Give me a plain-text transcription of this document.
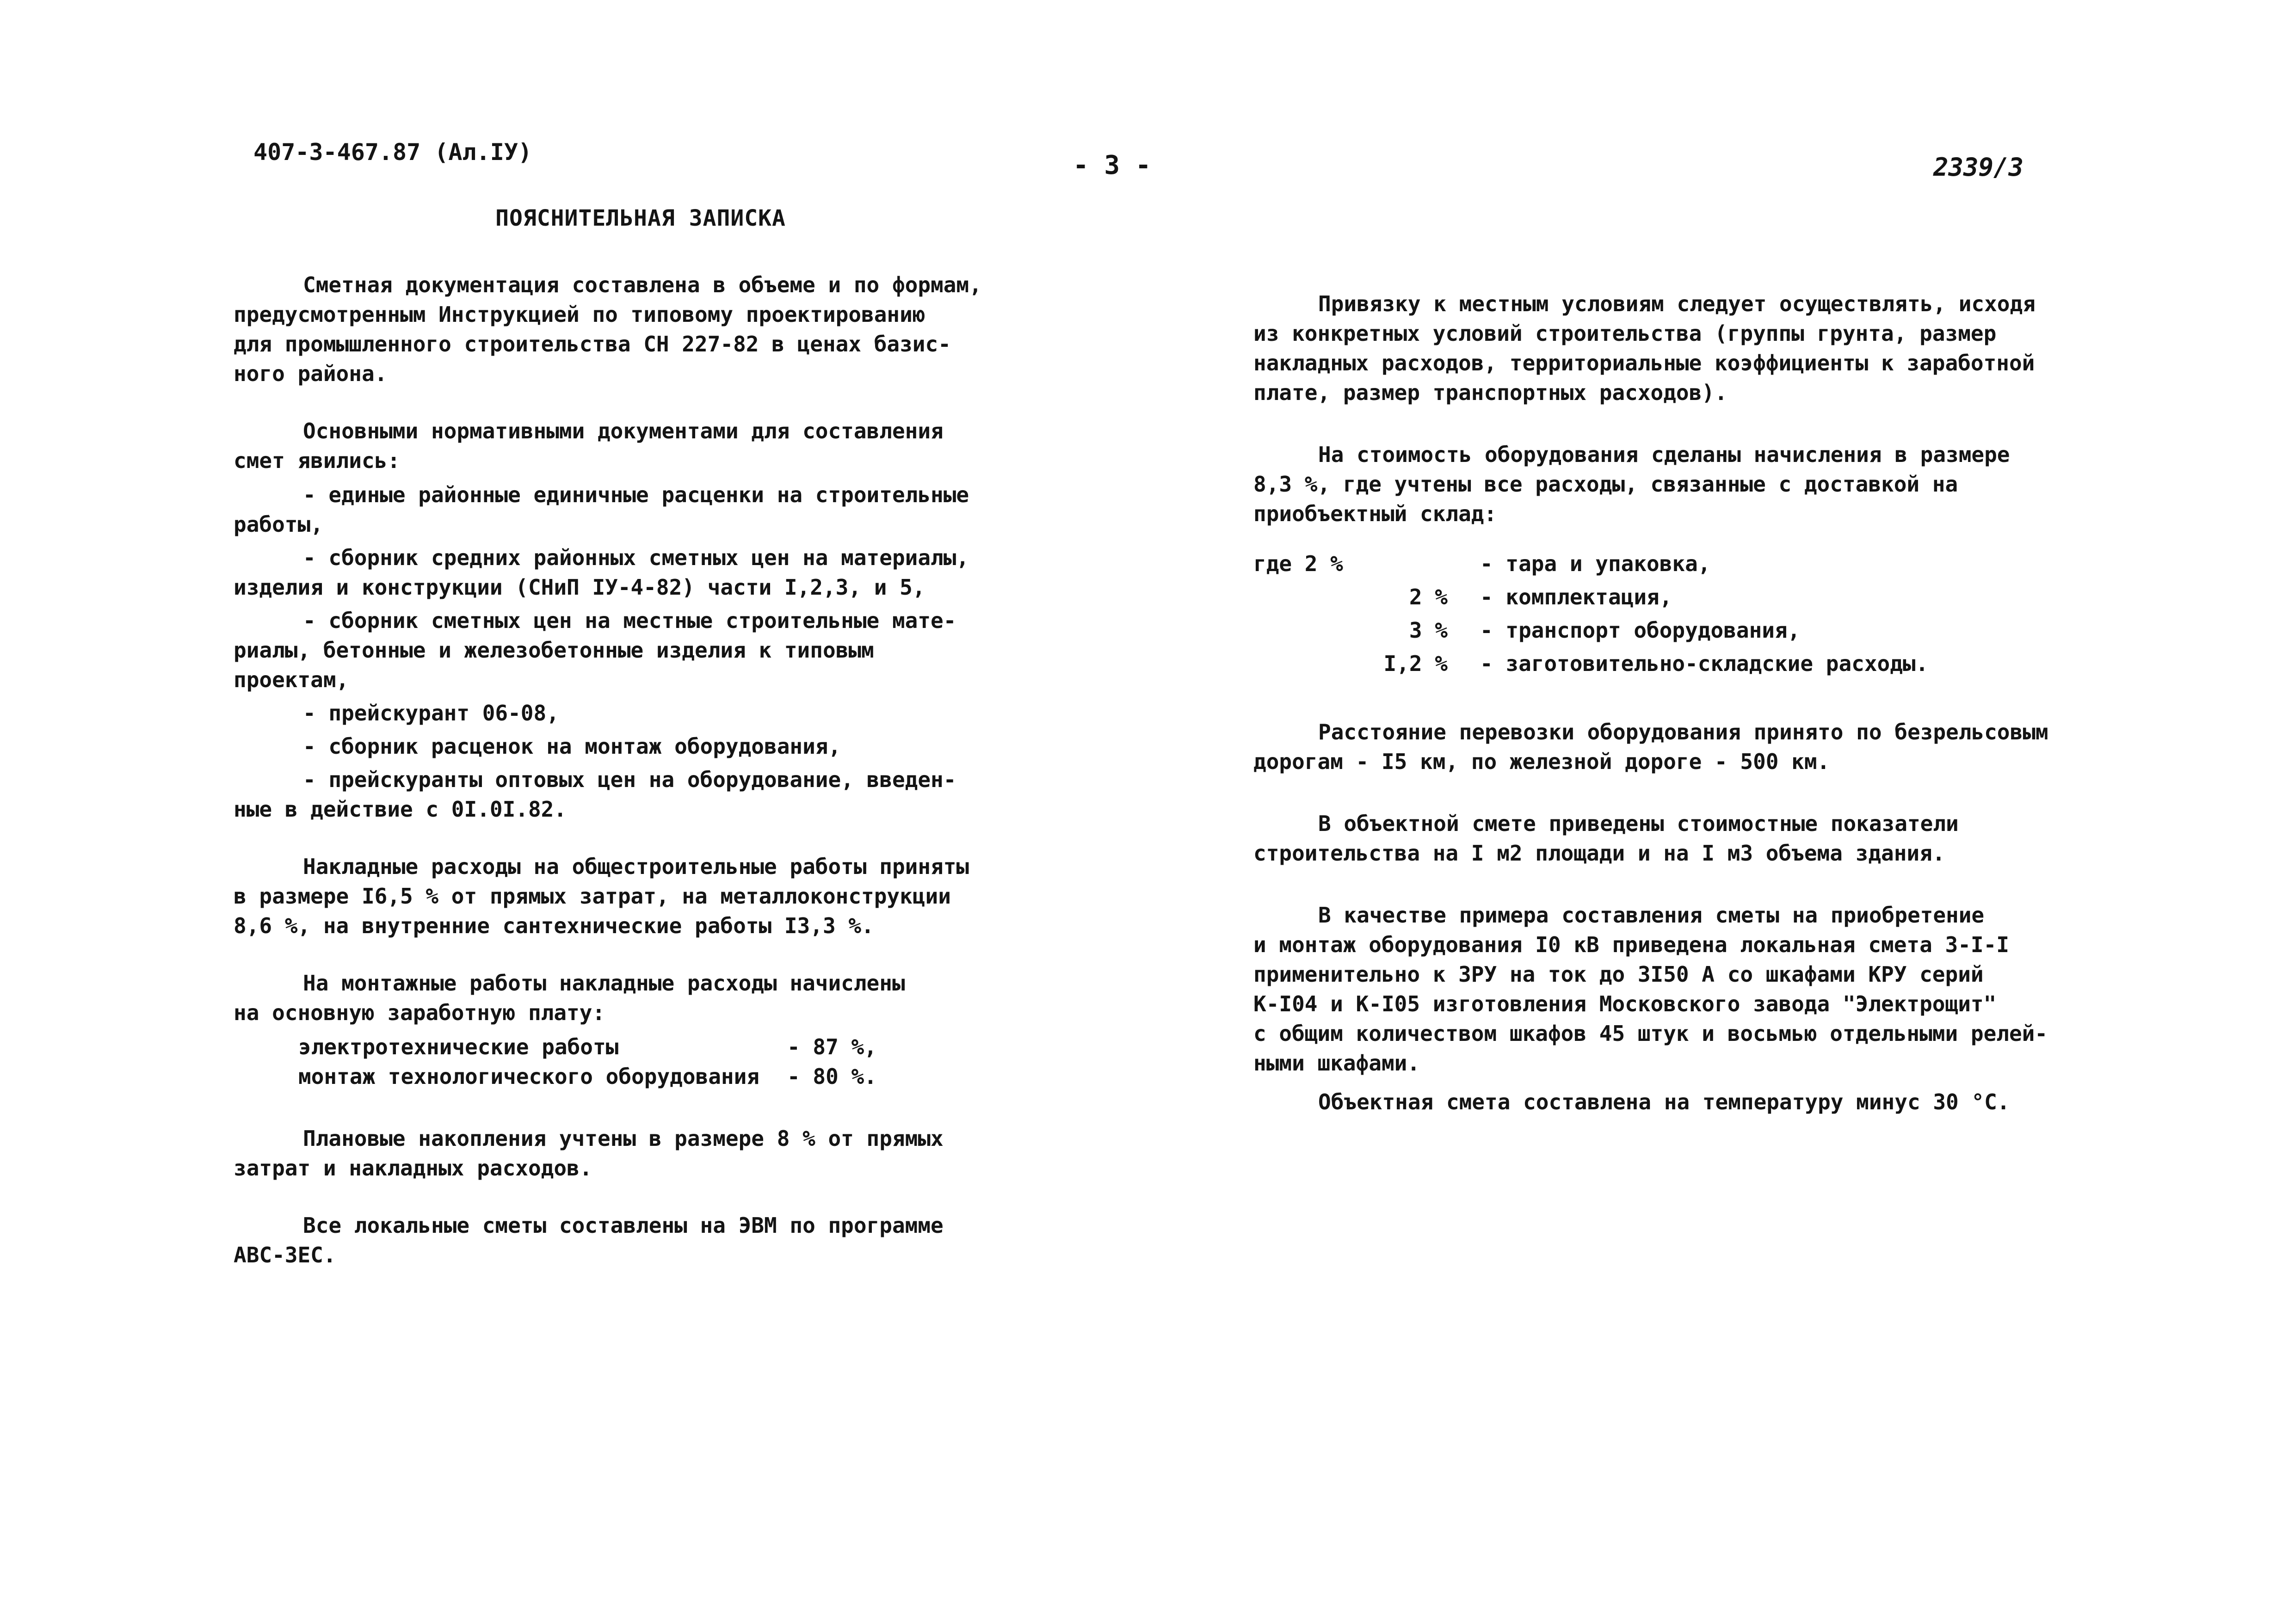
407-3-467.87 (Ал.IУ)	- 3 -	2339/3
ПОЯСНИТЕЛЬНАЯ ЗАПИСКА

Сметная документация составлена в объеме и по формам,
предусмотренным Инструкцией по типовому проектированию
для промышленного строительства СН 227-82 в ценах базис-
ного района.

Основными нормативными документами для составления
смет явились:

- единые районные единичные расценки на строительные
работы,

- сборник средних районных сметных цен на материалы,
изделия и конструкции (СНиП IУ-4-82) части I,2,3, и 5,

- сборник сметных цен на местные строительные мате-
риалы, бетонные и железобетонные изделия к типовым
проектам,

- прейскурант 06-08,

- сборник расценок на монтаж оборудования,

- прейскуранты оптовых цен на оборудование, введен-
ные в действие с 0I.0I.82.

Накладные расходы на общестроительные работы приняты
в размере I6,5 % от прямых затрат, на металлоконструкции
8,6 %, на внутренние сантехнические работы I3,3 %.

На монтажные работы накладные расходы начислены
на основную заработную плату:

электротехнические работы	- 87 %,
монтаж технологического оборудования	- 80 %.

Плановые накопления учтены в размере 8 % от прямых
затрат и накладных расходов.

Все локальные сметы составлены на ЭВМ по программе
АВС-ЗЕС.

Привязку к местным условиям следует осуществлять, исходя
из конкретных условий строительства (группы грунта, размер
накладных расходов, территориальные коэффициенты к заработной
плате, размер транспортных расходов).

На стоимость оборудования сделаны начисления в размере
8,3 %, где учтены все расходы, связанные с доставкой на
приобъектный склад:

где 2 %	- тара и упаковка,
2 %	- комплектация,
3 %	- транспорт оборудования,
I,2 %	- заготовительно-складские расходы.

Расстояние перевозки оборудования принято по безрельсовым
дорогам - I5 км, по железной дороге - 500 км.

В объектной смете приведены стоимостные показатели
строительства на I м2 площади и на I м3 объема здания.

В качестве примера составления сметы на приобретение
и монтаж оборудования I0 кВ приведена локальная смета 3-I-I
применительно к ЗРУ на ток до 3I50 А со шкафами КРУ серий
К-I04 и К-I05 изготовления Московского завода "Электрощит"
с общим количеством шкафов 45 штук и восьмью отдельными релей-
ными шкафами.

Объектная смета составлена на температуру минус 30 °С.
